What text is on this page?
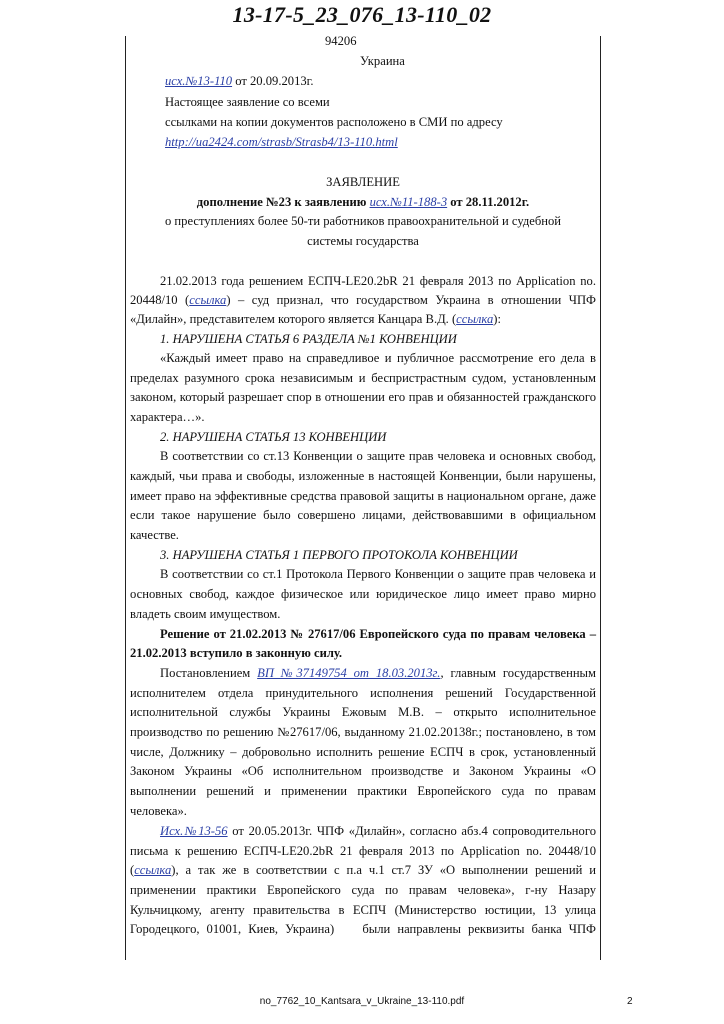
13-17-5_23_076_13-110_02
94206
Украина
исх.№13-110 от 20.09.2013г.
Настоящее заявление со всеми
ссылками на копии документов расположено в СМИ по адресу
http://ua2424.com/strasb/Strasb4/13-110.html
ЗАЯВЛЕНИЕ
дополнение №23 к заявлению исх.№11-188-3 от 28.11.2012г.
о преступлениях более 50-ти работников правоохранительной и судебной
системы государства
21.02.2013 года решением ЕСПЧ-LE20.2bR 21 февраля 2013 по Application no.
20448/10 (ссылка) – суд признал, что государством Украина в отношении ЧПФ
«Дилайн», представителем которого является Канцара В.Д. (ссылка):
1. НАРУШЕНА СТАТЬЯ 6 РАЗДЕЛА №1 КОНВЕНЦИИ
«Каждый имеет право на справедливое и публичное рассмотрение его дела в
пределах разумного срока независимым и беспристрастным судом, установленным
законом, который разрешает спор в отношении его прав и обязанностей гражданского
характера…».
2. НАРУШЕНА СТАТЬЯ 13 КОНВЕНЦИИ
В соответствии со ст.13 Конвенции о защите прав человека и основных свобод,
каждый, чьи права и свободы, изложенные в настоящей Конвенции, были нарушены,
имеет право на эффективные средства правовой защиты в национальном органе, даже
если такое нарушение было совершено лицами, действовавшими в официальном
качестве.
3. НАРУШЕНА СТАТЬЯ 1 ПЕРВОГО ПРОТОКОЛА КОНВЕНЦИИ
В соответствии со ст.1 Протокола Первого Конвенции о защите прав человека и
основных свобод, каждое физическое или юридическое лицо имеет право мирно
владеть своим имуществом.
Решение от 21.02.2013 № 27617/06 Европейского суда по правам человека –
21.02.2013 вступило в законную силу.
Постановлением ВП №37149754 от 18.03.2013г., главным государственным
исполнителем отдела принудительного исполнения решений Государственной
исполнительной службы Украины Ежовым М.В. – открыто исполнительное
производство по решению №27617/06, выданному 21.02.20138г.; постановлено, в том
числе, Должнику – добровольно исполнить решение ЕСПЧ в срок, установленный
Законом Украины «Об исполнительном производстве и Законом Украины «О
выполнении решений и применении практики Европейского суда по правам
человека».
Исх.№13-56 от 20.05.2013г. ЧПФ «Дилайн», согласно абз.4 сопроводительного
письма к решению ЕСПЧ-LE20.2bR 21 февраля 2013 по Application no. 20448/10
(ссылка), а так же в соответствии с п.а ч.1 ст.7 ЗУ «О выполнении решений и
применении практики Европейского суда по правам человека», г-ну Назару
Кульчицкому, агенту правительства в ЕСПЧ (Министерство юстиции, 13 улица
Городецкого, 01001, Киев, Украина)    были направлены реквизиты банка ЧПФ
no_7762_10_Kantsara_v_Ukraine_13-110.pdf	2
